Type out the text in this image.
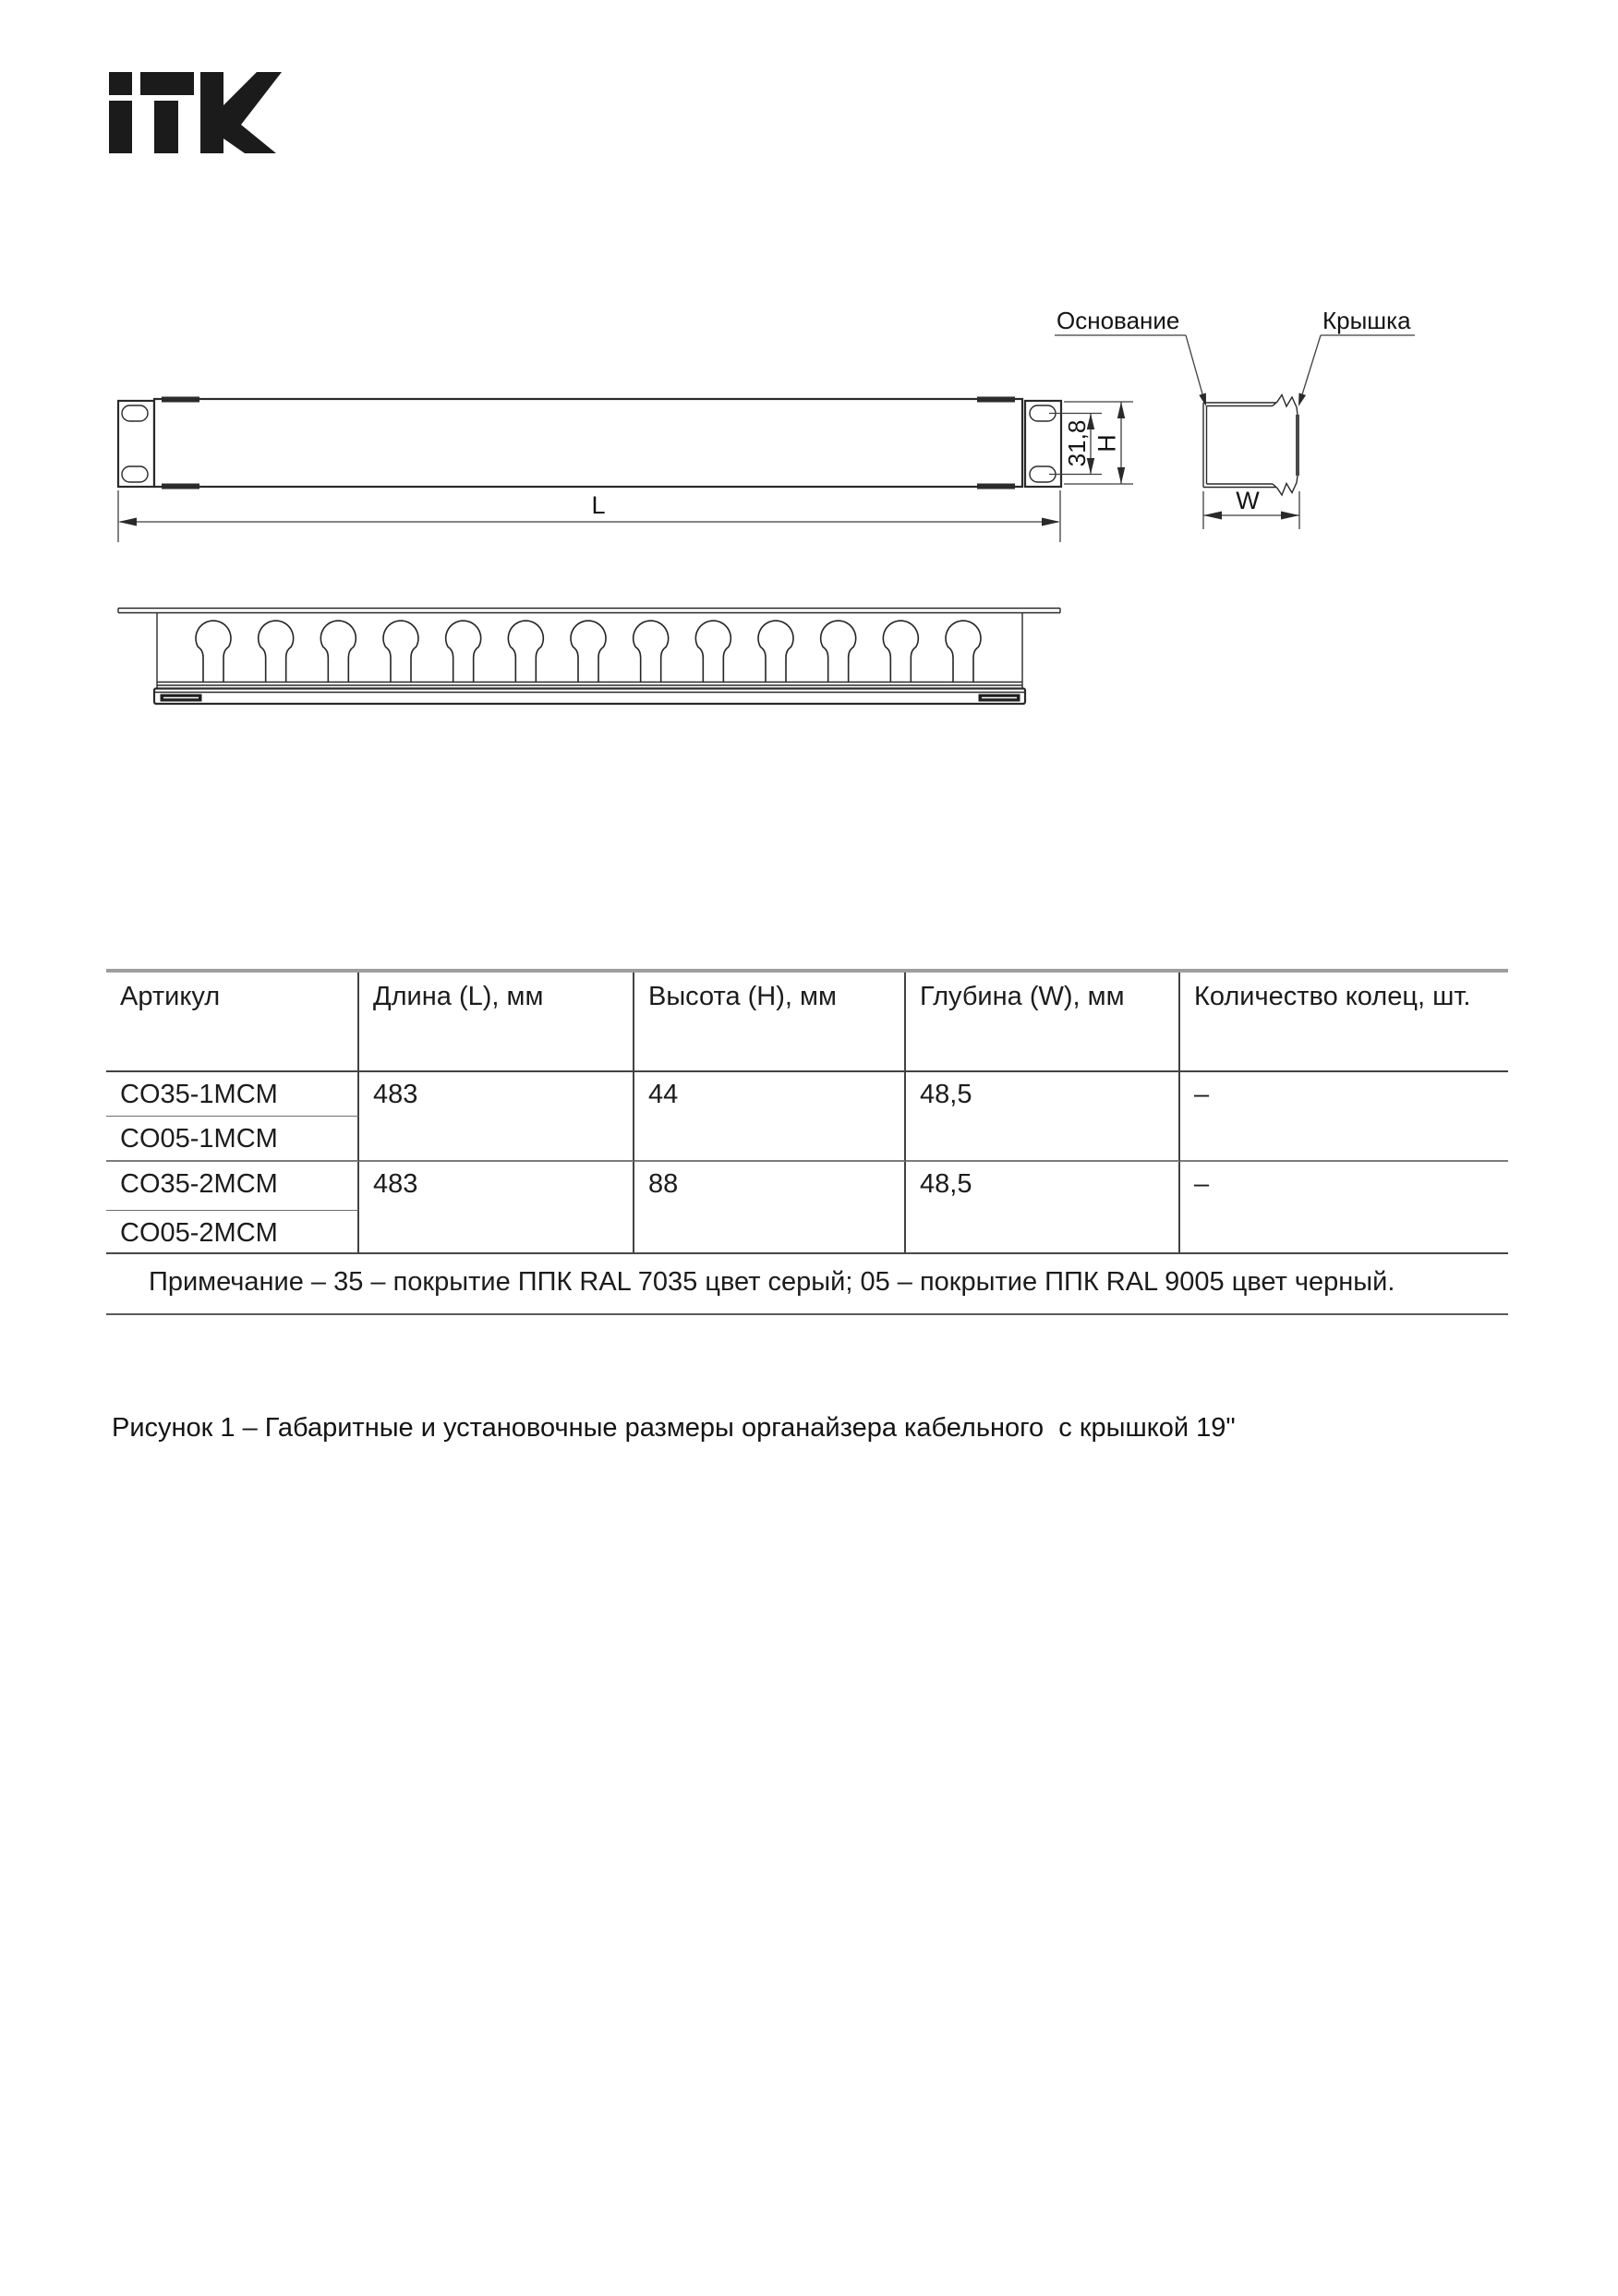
L
31,8 H
Основание	Крышка
W
Артикул	Длина (L), мм	Высота (H), мм	Глубина (W), мм	Количество колец, шт.
CO35-1MCM	483	44	48,5	–
CO05-1MCM
CO35-2MCM	483	88	48,5	–
CO05-2MCM
Примечание – 35 – покрытие ППК RAL 7035 цвет серый; 05 – покрытие ППК RAL 9005 цвет черный.
Рисунок 1 – Габаритные и установочные размеры органайзера кабельного  с крышкой 19"
